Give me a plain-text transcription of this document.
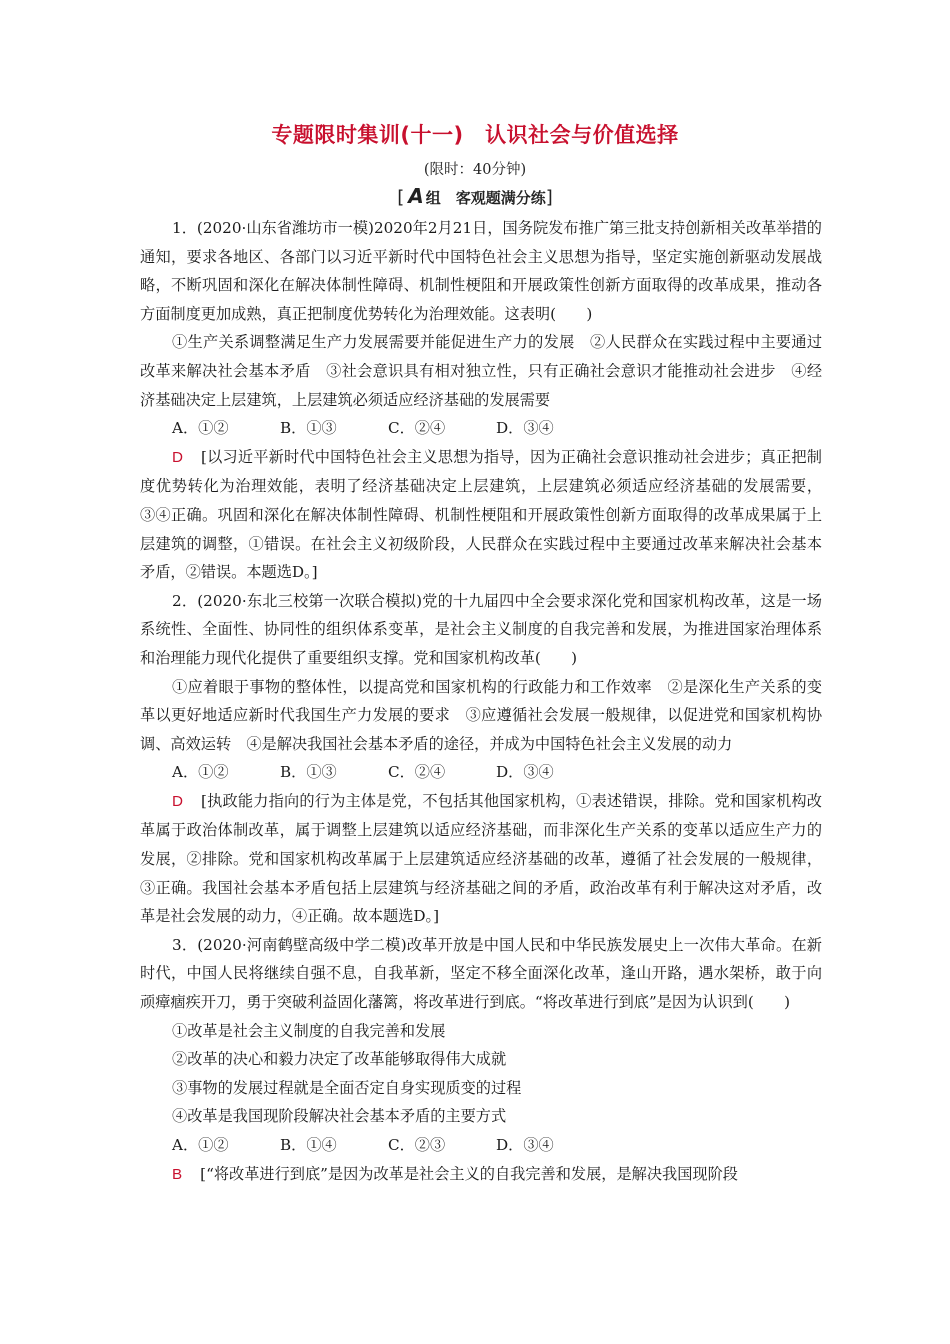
专题限时集训(十一)　认识社会与价值选择
(限时：40分钟)
[ A 组　客观题满分练]

1．(2020·山东省潍坊市一模)2020年2月21日，国务院发布推广第三批支持创新相关改革举措的通知，要求各地区、各部门以习近平新时代中国特色社会主义思想为指导，坚定实施创新驱动发展战略，不断巩固和深化在解决体制性障碍、机制性梗阻和开展政策性创新方面取得的改革成果，推动各方面制度更加成熟，真正把制度优势转化为治理效能。这表明(　　)

①生产关系调整满足生产力发展需要并能促进生产力的发展　②人民群众在实践过程中主要通过改革来解决社会基本矛盾　③社会意识具有相对独立性，只有正确社会意识才能推动社会进步　④经济基础决定上层建筑，上层建筑必须适应经济基础的发展需要

A．①②	B．①③	C．②④	D．③④

D [以习近平新时代中国特色社会主义思想为指导，因为正确社会意识推动社会进步；真正把制度优势转化为治理效能，表明了经济基础决定上层建筑，上层建筑必须适应经济基础的发展需要，③④正确。巩固和深化在解决体制性障碍、机制性梗阻和开展政策性创新方面取得的改革成果属于上层建筑的调整，①错误。在社会主义初级阶段，人民群众在实践过程中主要通过改革来解决社会基本矛盾，②错误。本题选D。]

2．(2020·东北三校第一次联合模拟)党的十九届四中全会要求深化党和国家机构改革，这是一场系统性、全面性、协同性的组织体系变革，是社会主义制度的自我完善和发展，为推进国家治理体系和治理能力现代化提供了重要组织支撑。党和国家机构改革(　　)

①应着眼于事物的整体性，以提高党和国家机构的行政能力和工作效率　②是深化生产关系的变革以更好地适应新时代我国生产力发展的要求　③应遵循社会发展一般规律，以促进党和国家机构协调、高效运转　④是解决我国社会基本矛盾的途径，并成为中国特色社会主义发展的动力

A．①②	B．①③	C．②④	D．③④

D [执政能力指向的行为主体是党，不包括其他国家机构，①表述错误，排除。党和国家机构改革属于政治体制改革，属于调整上层建筑以适应经济基础，而非深化生产关系的变革以适应生产力的发展，②排除。党和国家机构改革属于上层建筑适应经济基础的改革，遵循了社会发展的一般规律，③正确。我国社会基本矛盾包括上层建筑与经济基础之间的矛盾，政治改革有利于解决这对矛盾，改革是社会发展的动力，④正确。故本题选D。]

3．(2020·河南鹤壁高级中学二模)改革开放是中国人民和中华民族发展史上一次伟大革命。在新时代，中国人民将继续自强不息，自我革新，坚定不移全面深化改革，逢山开路，遇水架桥，敢于向顽瘴痼疾开刀，勇于突破利益固化藩篱，将改革进行到底。“将改革进行到底”是因为认识到(　　)

①改革是社会主义制度的自我完善和发展

②改革的决心和毅力决定了改革能够取得伟大成就

③事物的发展过程就是全面否定自身实现质变的过程

④改革是我国现阶段解决社会基本矛盾的主要方式

A．①②	B．①④	C．②③	D．③④

B [“将改革进行到底”是因为改革是社会主义的自我完善和发展，是解决我国现阶段
